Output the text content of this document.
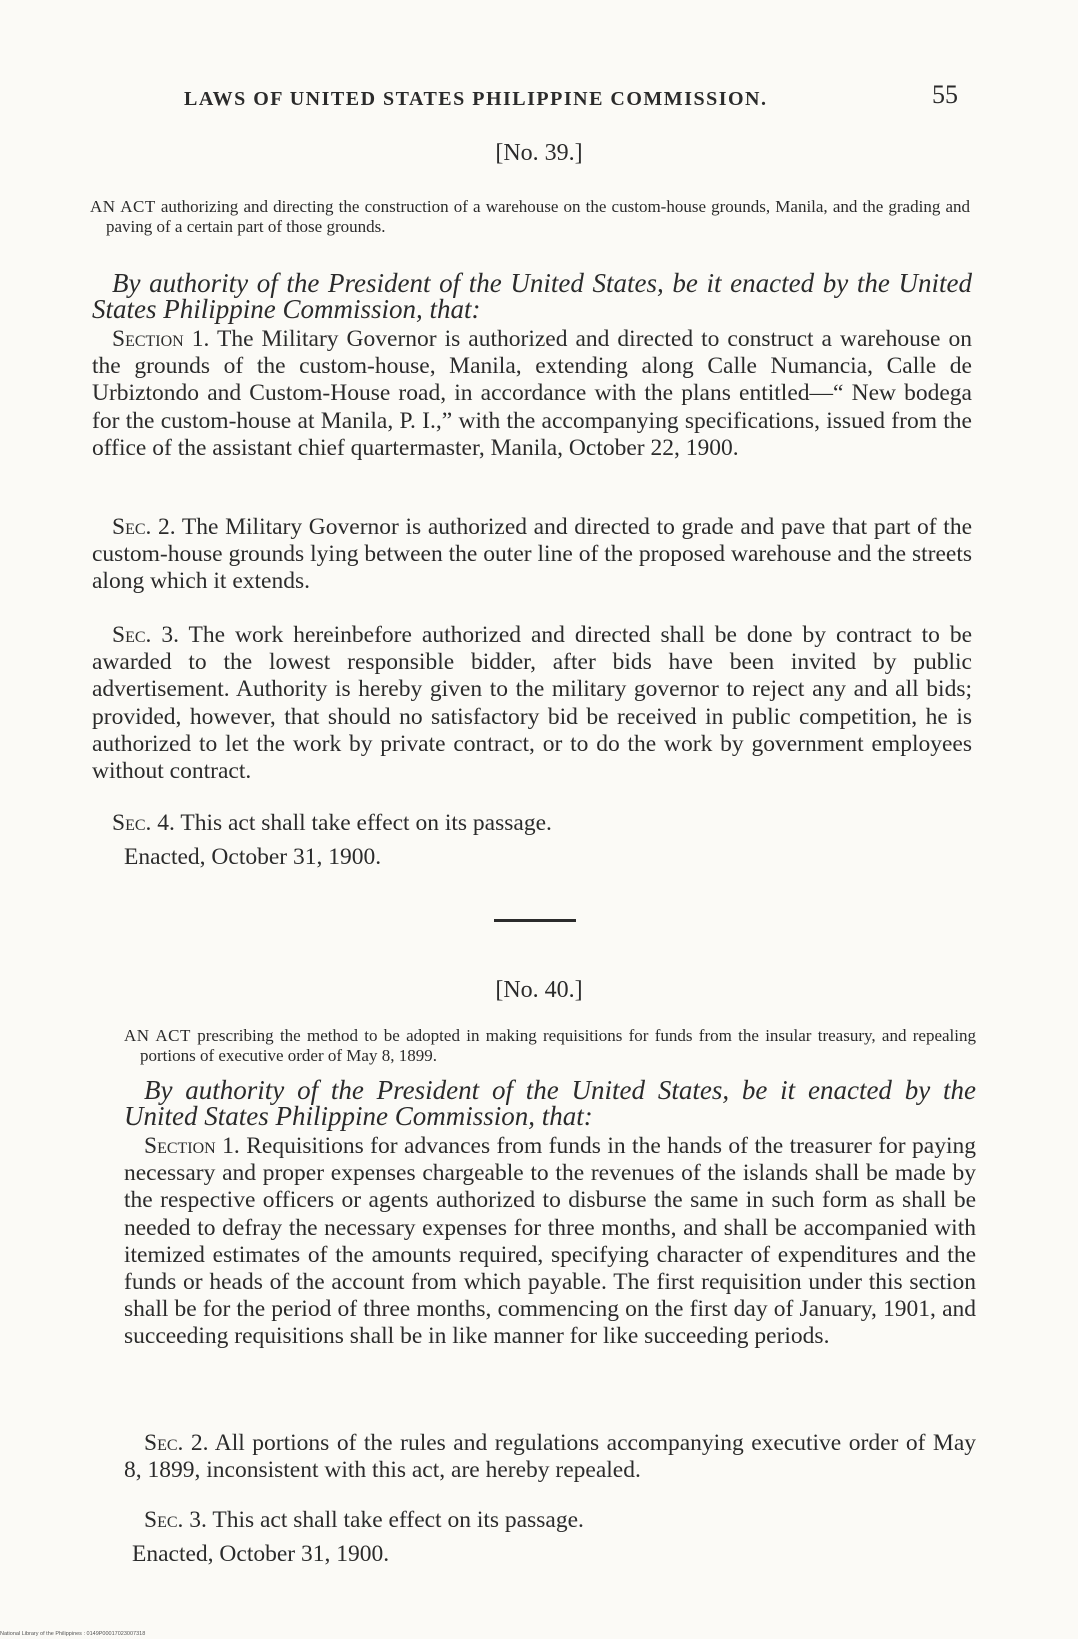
LAWS OF UNITED STATES PHILIPPINE COMMISSION.	55
[No. 39.]
AN ACT authorizing and directing the construction of a warehouse on the custom-house grounds, Manila, and the grading and paving of a certain part of those grounds.
By authority of the President of the United States, be it enacted by the United States Philippine Commission, that:
Section 1. The Military Governor is authorized and directed to construct a warehouse on the grounds of the custom-house, Manila, extending along Calle Numancia, Calle de Urbiztondo and Custom-House road, in accordance with the plans entitled—“ New bodega for the custom-house at Manila, P. I.,” with the accompanying specifications, issued from the office of the assistant chief quartermaster, Manila, October 22, 1900.
Sec. 2. The Military Governor is authorized and directed to grade and pave that part of the custom-house grounds lying between the outer line of the proposed warehouse and the streets along which it extends.
Sec. 3. The work hereinbefore authorized and directed shall be done by contract to be awarded to the lowest responsible bidder, after bids have been invited by public advertisement. Authority is hereby given to the military governor to reject any and all bids; provided, however, that should no satisfactory bid be received in public competition, he is authorized to let the work by private contract, or to do the work by government employees without contract.
Sec. 4. This act shall take effect on its passage.
Enacted, October 31, 1900.
[No. 40.]
AN ACT prescribing the method to be adopted in making requisitions for funds from the insular treasury, and repealing portions of executive order of May 8, 1899.
By authority of the President of the United States, be it enacted by the United States Philippine Commission, that:
Section 1. Requisitions for advances from funds in the hands of the treasurer for paying necessary and proper expenses chargeable to the revenues of the islands shall be made by the respective officers or agents authorized to disburse the same in such form as shall be needed to defray the necessary expenses for three months, and shall be accompanied with itemized estimates of the amounts required, specifying character of expenditures and the funds or heads of the account from which payable. The first requisition under this section shall be for the period of three months, commencing on the first day of January, 1901, and succeeding requisitions shall be in like manner for like succeeding periods.
Sec. 2. All portions of the rules and regulations accompanying executive order of May 8, 1899, inconsistent with this act, are hereby repealed.
Sec. 3. This act shall take effect on its passage.
Enacted, October 31, 1900.
National Library of the Philippines : 0149P00017023007318
